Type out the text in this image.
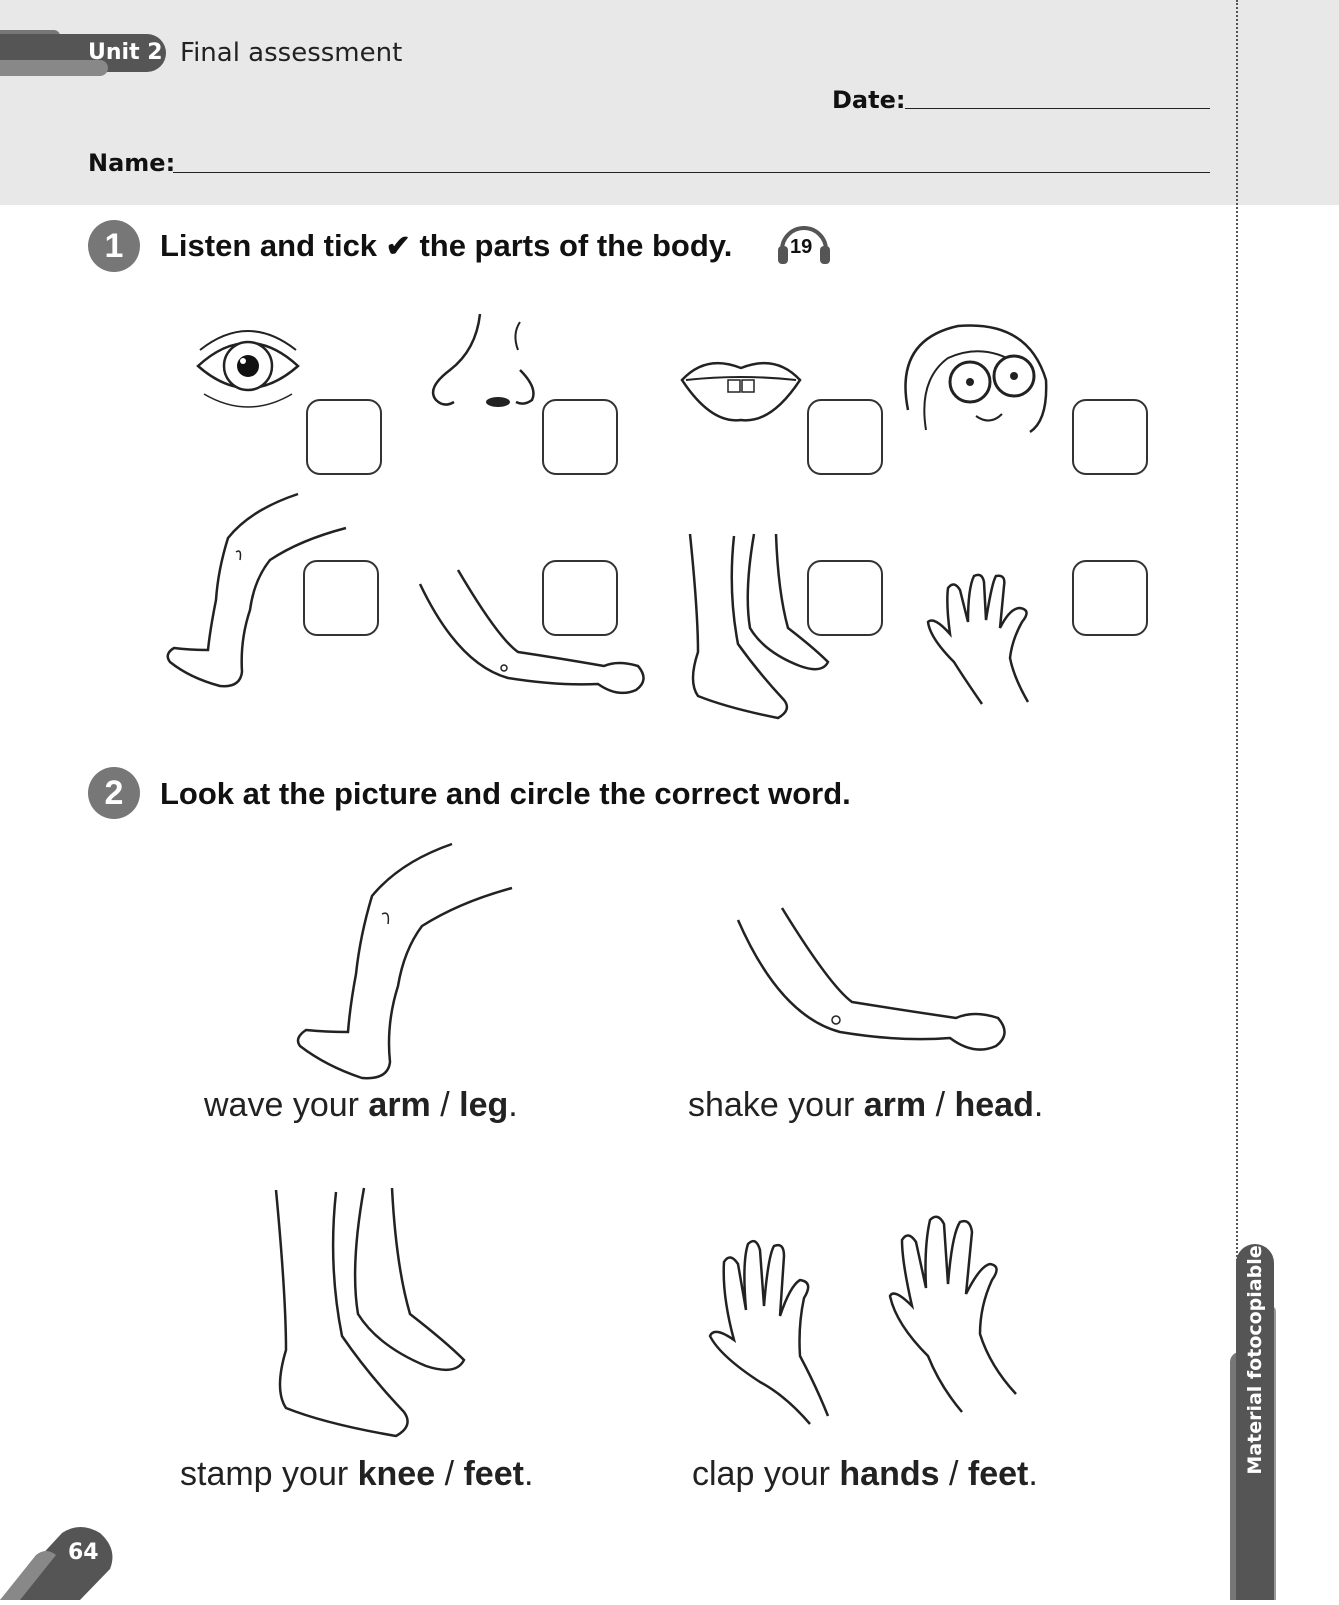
Unit 2 Final assessment
Date:
Name:
1	Listen and tick ✔ the parts of the body.	19
2	Look at the picture and circle the correct word.
wave your arm / leg.	shake your arm / head.
stamp your knee / feet.	clap your hands / feet.	Material fotocopiable
64
